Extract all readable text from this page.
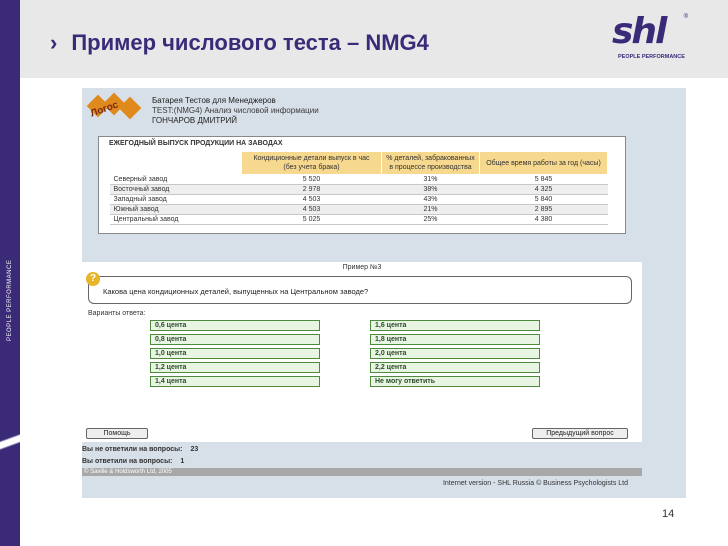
PEOPLE PERFORMANCE
› Пример числового теста – NMG4	shl	®
PEOPLE PERFORMANCE
14
Логос	Батарея Тестов для Менеджеров
TEST:(NMG4) Анализ числовой информации
ГОНЧАРОВ ДМИТРИЙ
ЕЖЕГОДНЫЙ ВЫПУСК ПРОДУКЦИИ НА ЗАВОДАХ
	Кондиционные детали выпуск в час (без учета брака)	% деталей, забракованных в процессе производства	Общее время работы за год (часы)
Северный завод	5 520	31%	5 845
Восточный завод	2 978	38%	4 325
Западный завод	4 503	43%	5 840
Южный завод	4 503	21%	2 895
Центральный завод	5 025	25%	4 380
Пример №3
Какова цена кондиционных деталей, выпущенных на Центральном заводе?
?
Варианты ответа:
0,6 цента
0,8 цента
1,0 цента
1,2 цента
1,4 цента
1,6 цента
1,8 цента
2,0 цента
2,2 цента
Не могу ответить
Помощь	Предыдущий вопрос
Вы не ответили на вопросы: 23
Вы ответили на вопросы: 1
© Saville & Holdsworth Ltd, 2005
Internet version - SHL Russia © Business Psychologists Ltd
